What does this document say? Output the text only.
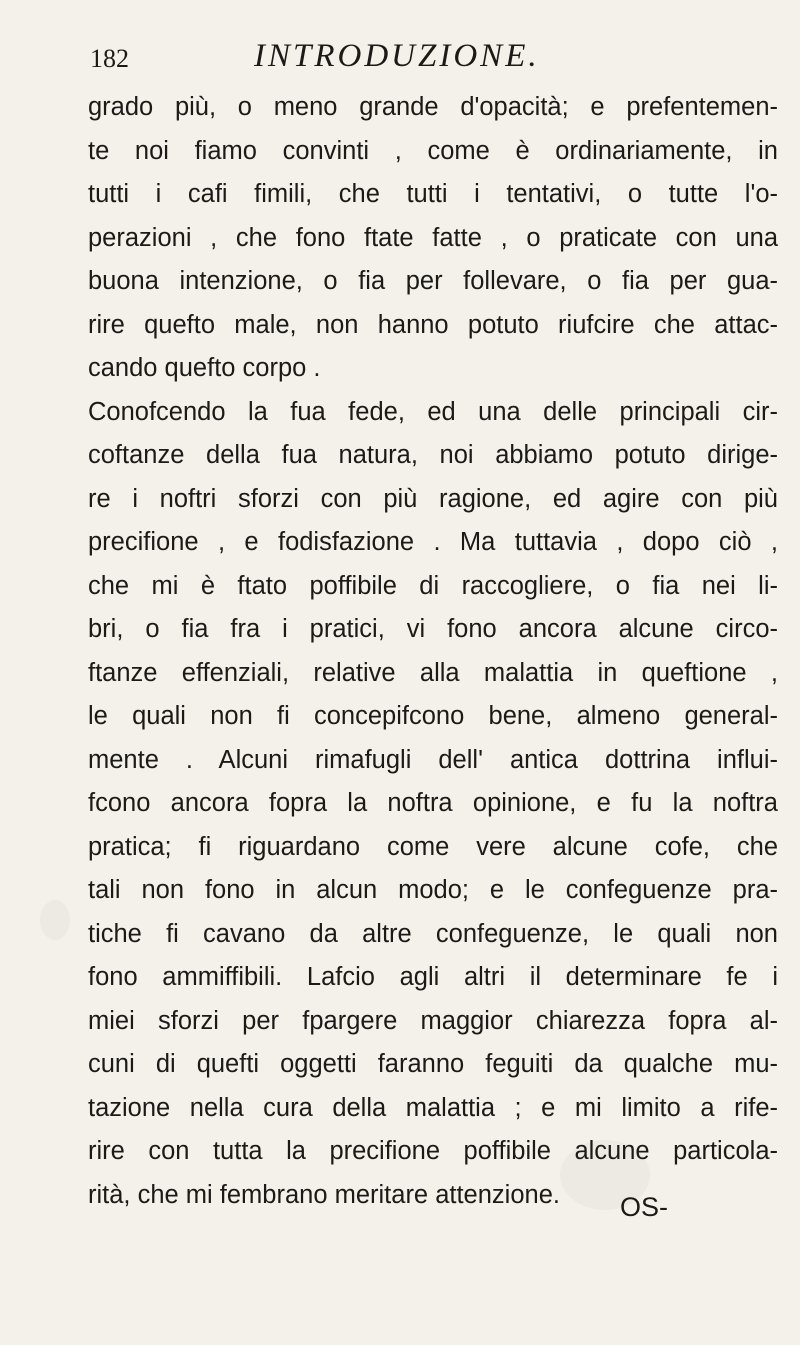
182	INTRODUZIONE.
grado più, o meno grande d'opacità; e prefentemen-
te noi fiamo convinti , come è ordinariamente, in
tutti i cafi fimili, che tutti i tentativi, o tutte l'o-
perazioni , che fono ftate fatte , o praticate con una
buona intenzione, o fia per follevare, o fia per gua-
rire quefto male, non hanno potuto riufcire che attac-
cando quefto corpo .
Conofcendo la fua fede, ed una delle principali cir-
coftanze della fua natura, noi abbiamo potuto dirige-
re i noftri sforzi con più ragione, ed agire con più
precifione , e fodisfazione . Ma tuttavia , dopo ciò ,
che mi è ftato poffibile di raccogliere, o fia nei li-
bri, o fia fra i pratici, vi fono ancora alcune circo-
ftanze effenziali, relative alla malattia in queftione ,
le quali non fi concepifcono bene, almeno general-
mente . Alcuni rimafugli dell' antica dottrina influi-
fcono ancora fopra la noftra opinione, e fu la noftra
pratica; fi riguardano come vere alcune cofe, che
tali non fono in alcun modo; e le confeguenze pra-
tiche fi cavano da altre confeguenze, le quali non
fono ammiffibili. Lafcio agli altri il determinare fe i
miei sforzi per fpargere maggior chiarezza fopra al-
cuni di quefti oggetti faranno feguiti da qualche mu-
tazione nella cura della malattia ; e mi limito a rife-
rire con tutta la precifione poffibile alcune particola-
rità, che mi fembrano meritare attenzione.	OS-
